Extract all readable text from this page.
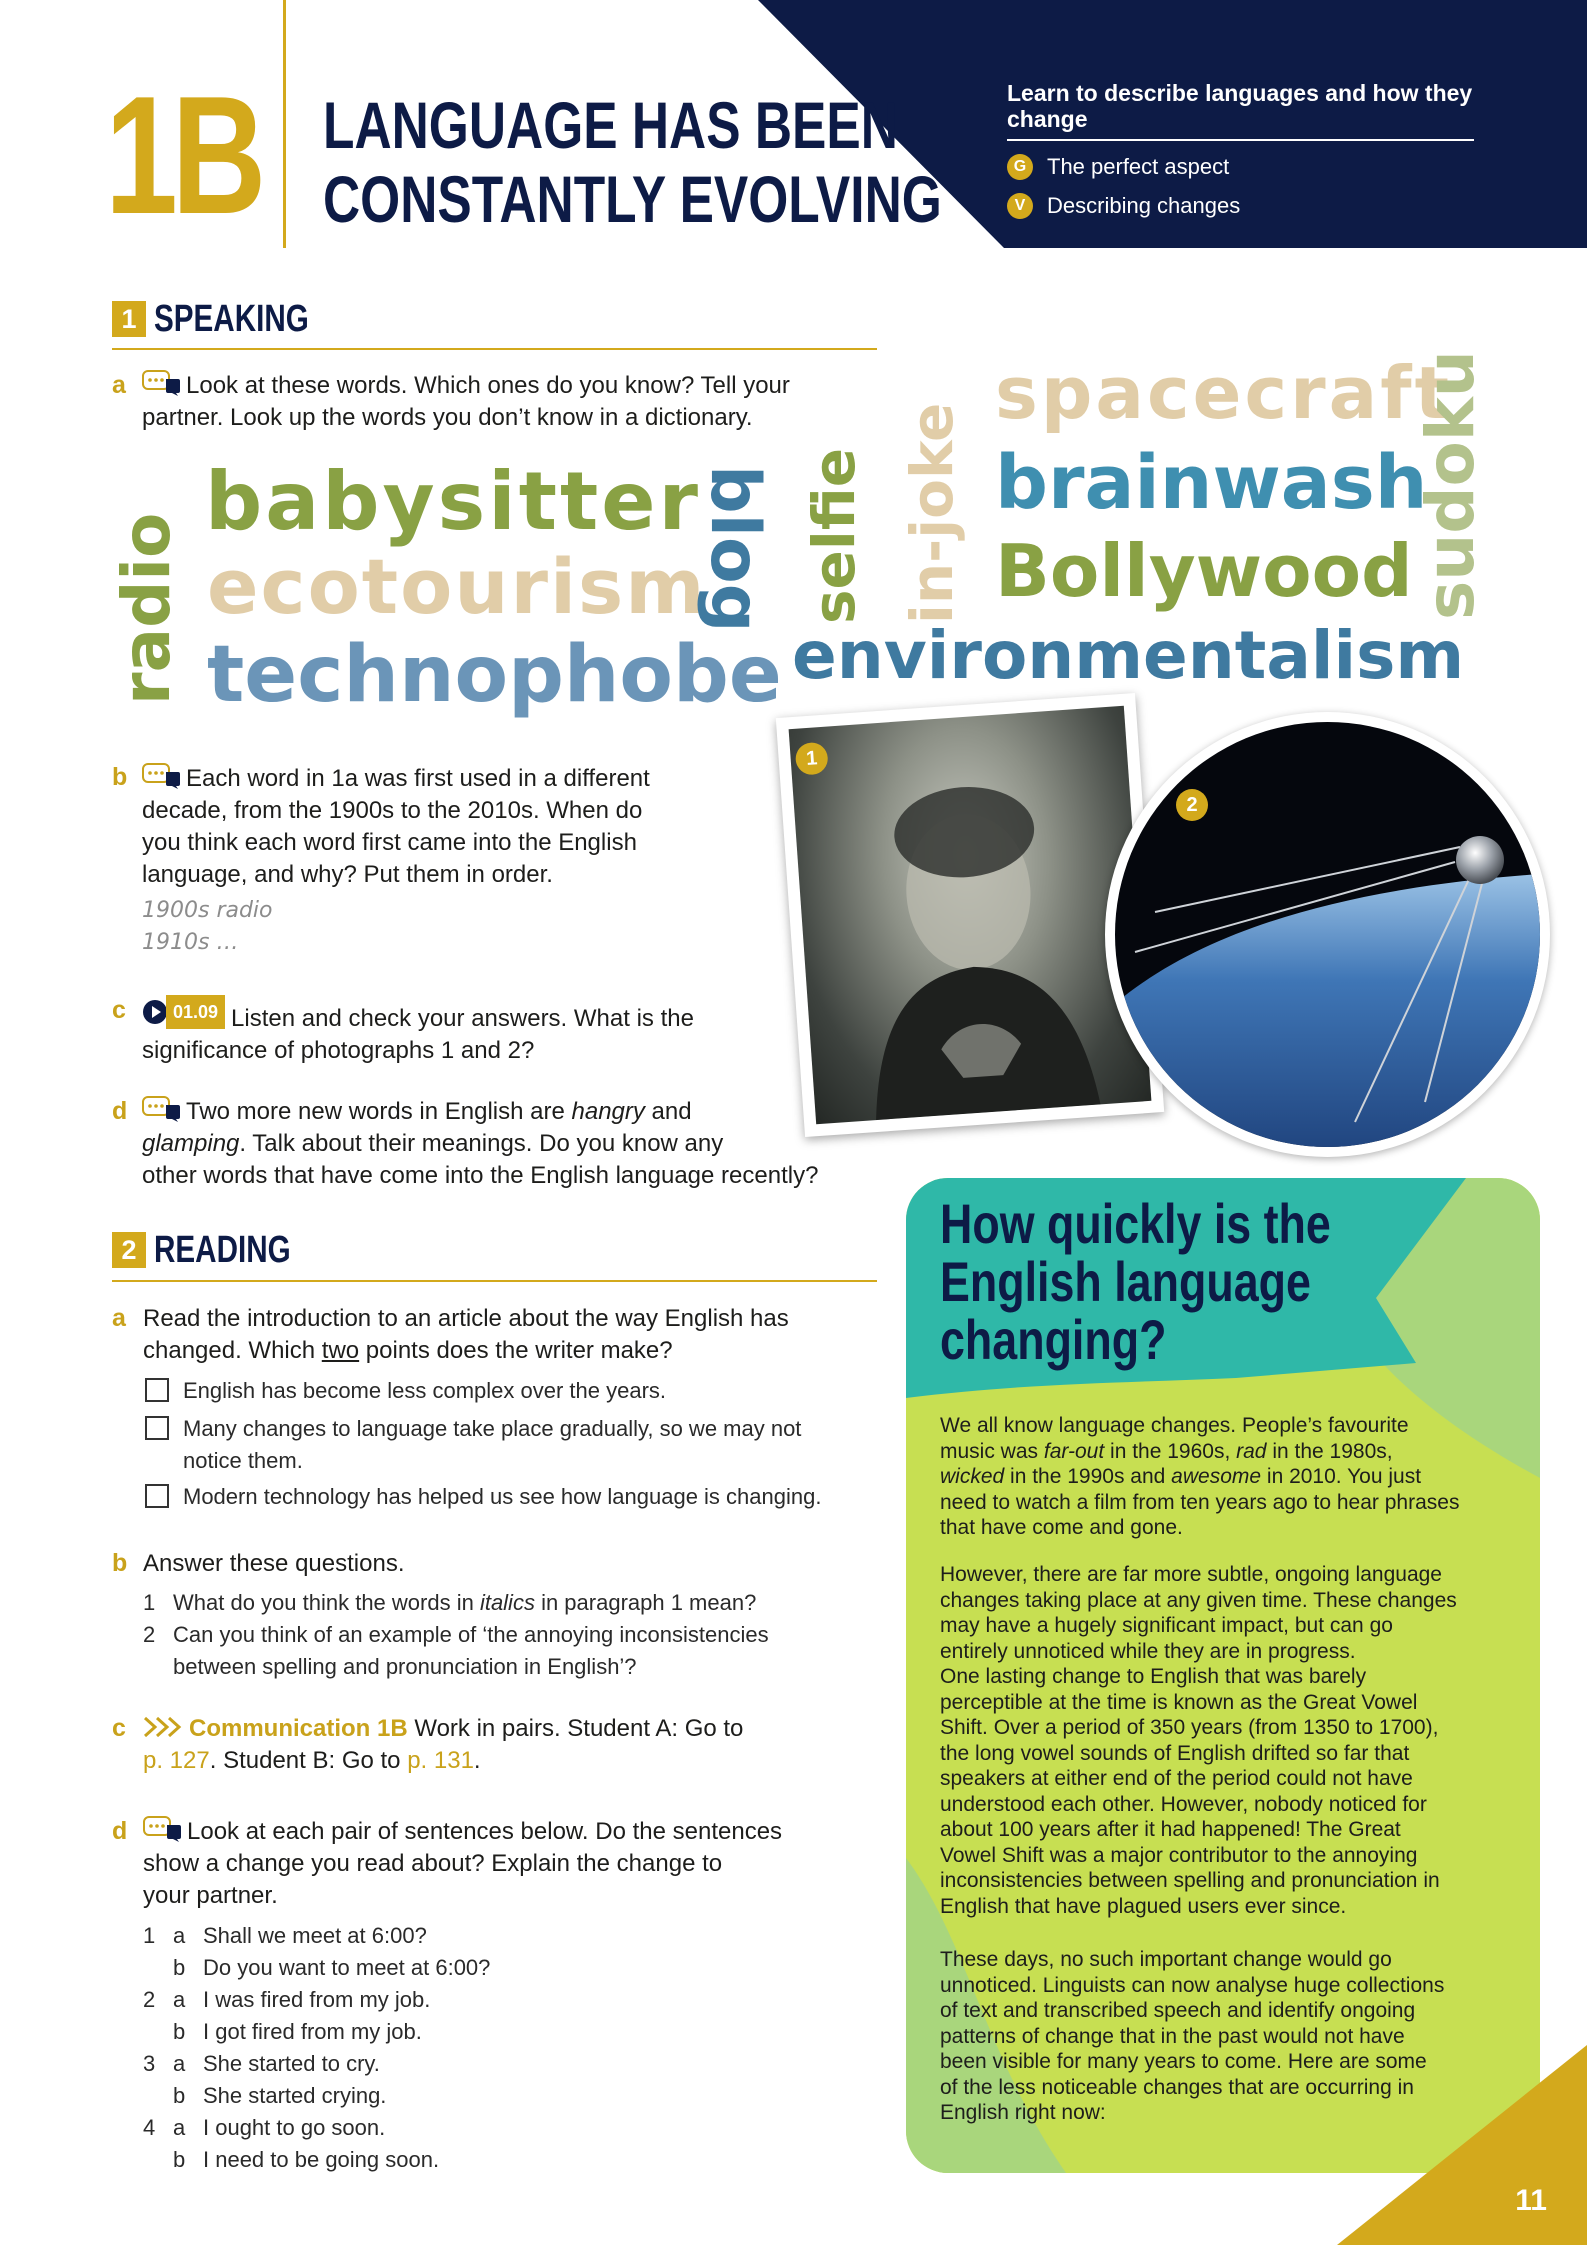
1B LANGUAGE HAS BEEN
CONSTANTLY EVOLVING
Learn to describe languages and how they change
G The perfect aspect
V Describing changes
1 SPEAKING
a	Look at these words. Which ones do you know? Tell your
partner. Look up the words you don’t know in a dictionary.
radio
babysitter
ecotourism
technophobe
blog selfie in-joke
spacecraft
brainwash
Bollywood sudoku
environmentalism
b	Each word in 1a was first used in a different
decade, from the 1900s to the 2010s. When do
you think each word first came into the English
language, and why? Put them in order.
1900s radio
1910s …
c	01.09 Listen and check your answers. What is the
significance of photographs 1 and 2?
d	Two more new words in English are hangry and
glamping. Talk about their meanings. Do you know any
other words that have come into the English language recently?
1
2
2 READING
a Read the introduction to an article about the way English has
changed. Which two points does the writer make?
English has become less complex over the years.
Many changes to language take place gradually, so we may not
notice them.
Modern technology has helped us see how language is changing.
b Answer these questions.
1 What do you think the words in italics in paragraph 1 mean?
2 Can you think of an example of ‘the annoying inconsistencies
between spelling and pronunciation in English’?
c	Communication 1B Work in pairs. Student A: Go to
p. 127. Student B: Go to p. 131.
d	Look at each pair of sentences below. Do the sentences
show a change you read about? Explain the change to
your partner.
1 a Shall we meet at 6:00?
b Do you want to meet at 6:00?
2 a I was fired from my job.
b I got fired from my job.
3 a She started to cry.
b She started crying.
4 a I ought to go soon.
b I need to be going soon.
How quickly is the
English language
changing?
We all know language changes. People’s favourite
music was far-out in the 1960s, rad in the 1980s,
wicked in the 1990s and awesome in 2010. You just
need to watch a film from ten years ago to hear phrases
that have come and gone.
However, there are far more subtle, ongoing language
changes taking place at any given time. These changes
may have a hugely significant impact, but can go
entirely unnoticed while they are in progress.
One lasting change to English that was barely
perceptible at the time is known as the Great Vowel
Shift. Over a period of 350 years (from 1350 to 1700),
the long vowel sounds of English drifted so far that
speakers at either end of the period could not have
understood each other. However, nobody noticed for
about 100 years after it had happened! The Great
Vowel Shift was a major contributor to the annoying
inconsistencies between spelling and pronunciation in
English that have plagued users ever since.
These days, no such important change would go
unnoticed. Linguists can now analyse huge collections
of text and transcribed speech and identify ongoing
patterns of change that in the past would not have
been visible for many years to come. Here are some
of the less noticeable changes that are occurring in
English right now:
11
